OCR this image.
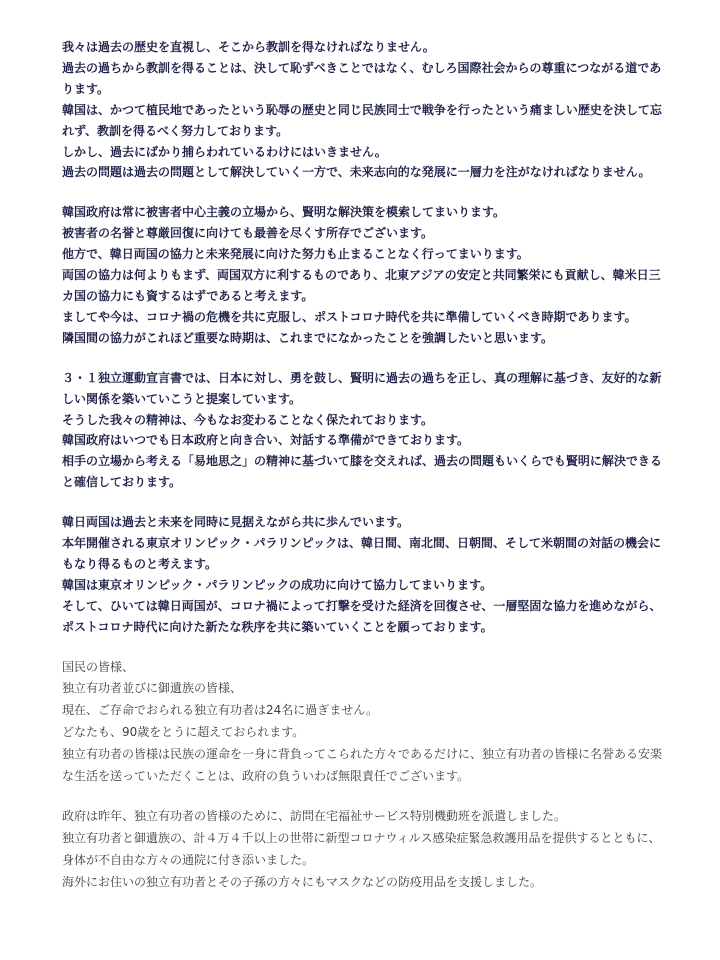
我々は過去の歴史を直視し、そこから教訓を得なければなりません。
過去の過ちから教訓を得ることは、決して恥ずべきことではなく、むしろ国際社会からの尊重につながる道であります。
韓国は、かつて植民地であったという恥辱の歴史と同じ民族同士で戦争を行ったという痛ましい歴史を決して忘れず、教訓を得るべく努力しております。
しかし、過去にばかり捕らわれているわけにはいきません。
過去の問題は過去の問題として解決していく一方で、未来志向的な発展に一層力を注がなければなりません。
韓国政府は常に被害者中心主義の立場から、賢明な解決策を模索してまいります。
被害者の名誉と尊厳回復に向けても最善を尽くす所存でございます。
他方で、韓日両国の協力と未来発展に向けた努力も止まることなく行ってまいります。
両国の協力は何よりもまず、両国双方に利するものであり、北東アジアの安定と共同繁栄にも貢献し、韓米日三カ国の協力にも資するはずであると考えます。
ましてや今は、コロナ禍の危機を共に克服し、ポストコロナ時代を共に準備していくべき時期であります。
隣国間の協力がこれほど重要な時期は、これまでになかったことを強調したいと思います。
３・１独立運動宣言書では、日本に対し、勇を鼓し、賢明に過去の過ちを正し、真の理解に基づき、友好的な新しい関係を築いていこうと提案しています。
そうした我々の精神は、今もなお変わることなく保たれております。
韓国政府はいつでも日本政府と向き合い、対話する準備ができております。
相手の立場から考える「易地思之」の精神に基づいて膝を交えれば、過去の問題もいくらでも賢明に解決できると確信しております。
韓日両国は過去と未来を同時に見据えながら共に歩んでいます。
本年開催される東京オリンピック・パラリンピックは、韓日間、南北間、日朝間、そして米朝間の対話の機会にもなり得るものと考えます。
韓国は東京オリンピック・パラリンピックの成功に向けて協力してまいります。
そして、ひいては韓日両国が、コロナ禍によって打撃を受けた経済を回復させ、一層堅固な協力を進めながら、ポストコロナ時代に向けた新たな秩序を共に築いていくことを願っております。
国民の皆様、
独立有功者並びに御遺族の皆様、
現在、ご存命でおられる独立有功者は24名に過ぎません。
どなたも、90歳をとうに超えておられます。
独立有功者の皆様は民族の運命を一身に背負ってこられた方々であるだけに、独立有功者の皆様に名誉ある安楽な生活を送っていただくことは、政府の負ういわば無限責任でございます。
政府は昨年、独立有功者の皆様のために、訪問在宅福祉サービス特別機動班を派遣しました。
独立有功者と御遺族の、計４万４千以上の世帯に新型コロナウィルス感染症緊急救護用品を提供するとともに、身体が不自由な方々の通院に付き添いました。
海外にお住いの独立有功者とその子孫の方々にもマスクなどの防疫用品を支援しました。
